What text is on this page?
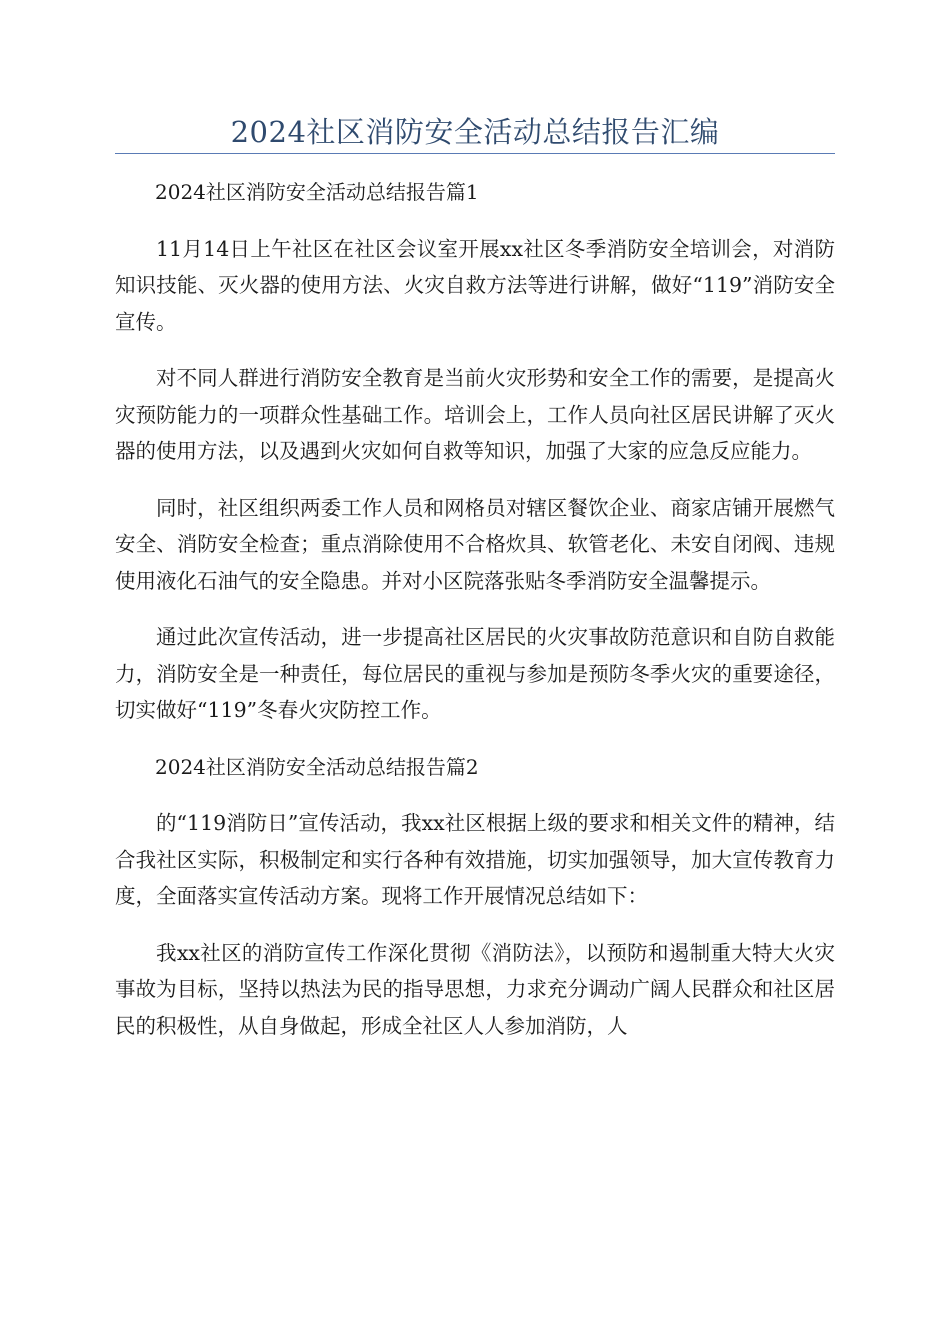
2024社区消防安全活动总结报告汇编

2024社区消防安全活动总结报告篇1

11月14日上午社区在社区会议室开展xx社区冬季消防安全培训会，对消防知识技能、灭火器的使用方法、火灾自救方法等进行讲解，做好“119”消防安全宣传。

对不同人群进行消防安全教育是当前火灾形势和安全工作的需要，是提高火灾预防能力的一项群众性基础工作。培训会上，工作人员向社区居民讲解了灭火器的使用方法，以及遇到火灾如何自救等知识，加强了大家的应急反应能力。

同时，社区组织两委工作人员和网格员对辖区餐饮企业、商家店铺开展燃气安全、消防安全检查；重点消除使用不合格炊具、软管老化、未安自闭阀、违规使用液化石油气的安全隐患。并对小区院落张贴冬季消防安全温馨提示。

通过此次宣传活动，进一步提高社区居民的火灾事故防范意识和自防自救能力，消防安全是一种责任，每位居民的重视与参加是预防冬季火灾的重要途径，切实做好“119”冬春火灾防控工作。

2024社区消防安全活动总结报告篇2

的“119消防日”宣传活动，我xx社区根据上级的要求和相关文件的精神，结合我社区实际，积极制定和实行各种有效措施，切实加强领导，加大宣传教育力度，全面落实宣传活动方案。现将工作开展情况总结如下：

我xx社区的消防宣传工作深化贯彻《消防法》，以预防和遏制重大特大火灾事故为目标，坚持以热法为民的指导思想，力求充分调动广阔人民群众和社区居民的积极性，从自身做起，形成全社区人人参加消防，人
